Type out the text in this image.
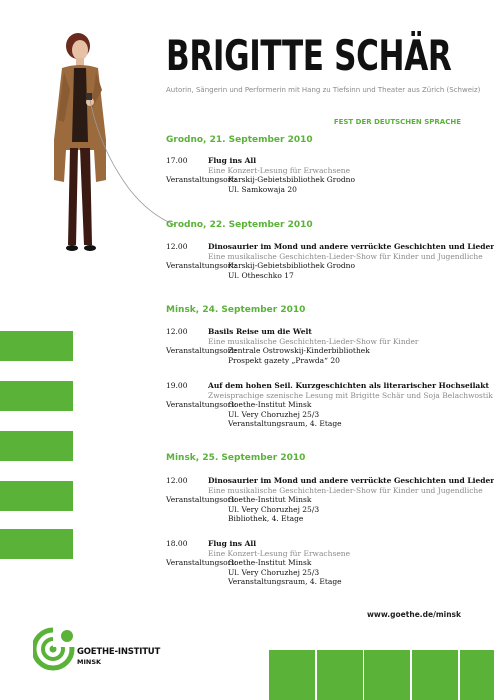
BRIGITTE SCHÄR
Autorin, Sängerin und Performerin mit Hang zu Tiefsinn und Theater aus Zürich (Schweiz)
FEST DER DEUTSCHEN SPRACHE
Grodno, 21. September 2010
17.00	Flug ins All
Eine Konzert-Lesung für Erwachsene
Veranstaltungsort:
Karskij-Gebietsbibliothek Grodno
Ul. Samkowaja 20
Grodno, 22. September 2010
12.00	Dinosaurier im Mond und andere verrückte Geschichten und Lieder
Eine musikalische Geschichten-Lieder-Show für Kinder und Jugendliche
Veranstaltungsort:
Karskij-Gebietsbibliothek Grodno
Ul. Otheschko 17
Minsk, 24. September 2010
12.00	Basils Reise um die Welt
Eine musikalische Geschichten-Lieder-Show für Kinder
Veranstaltungsort:
Zentrale Ostrowskij-Kinderbibliothek
Prospekt gazety „Prawda“ 20
19.00	Auf dem hohen Seil. Kurzgeschichten als literarischer Hochseilakt
Zweisprachige szenische Lesung mit Brigitte Schär und Soja Belachwostik
Veranstaltungsort:
Goethe-Institut Minsk
Ul. Very Choruzhej 25/3
Veranstaltungsraum, 4. Etage
Minsk, 25. September 2010
12.00	Dinosaurier im Mond und andere verrückte Geschichten und Lieder
Eine musikalische Geschichten-Lieder-Show für Kinder und Jugendliche
Veranstaltungsort:
Goethe-Institut Minsk
Ul. Very Choruzhej 25/3
Bibliothek, 4. Etage
18.00	Flug ins All
Eine Konzert-Lesung für Erwachsene
Veranstaltungsort:
Goethe-Institut Minsk
Ul. Very Choruzhej 25/3
Veranstaltungsraum, 4. Etage
www.goethe.de/minsk
GOETHE-INSTITUT
MINSK
